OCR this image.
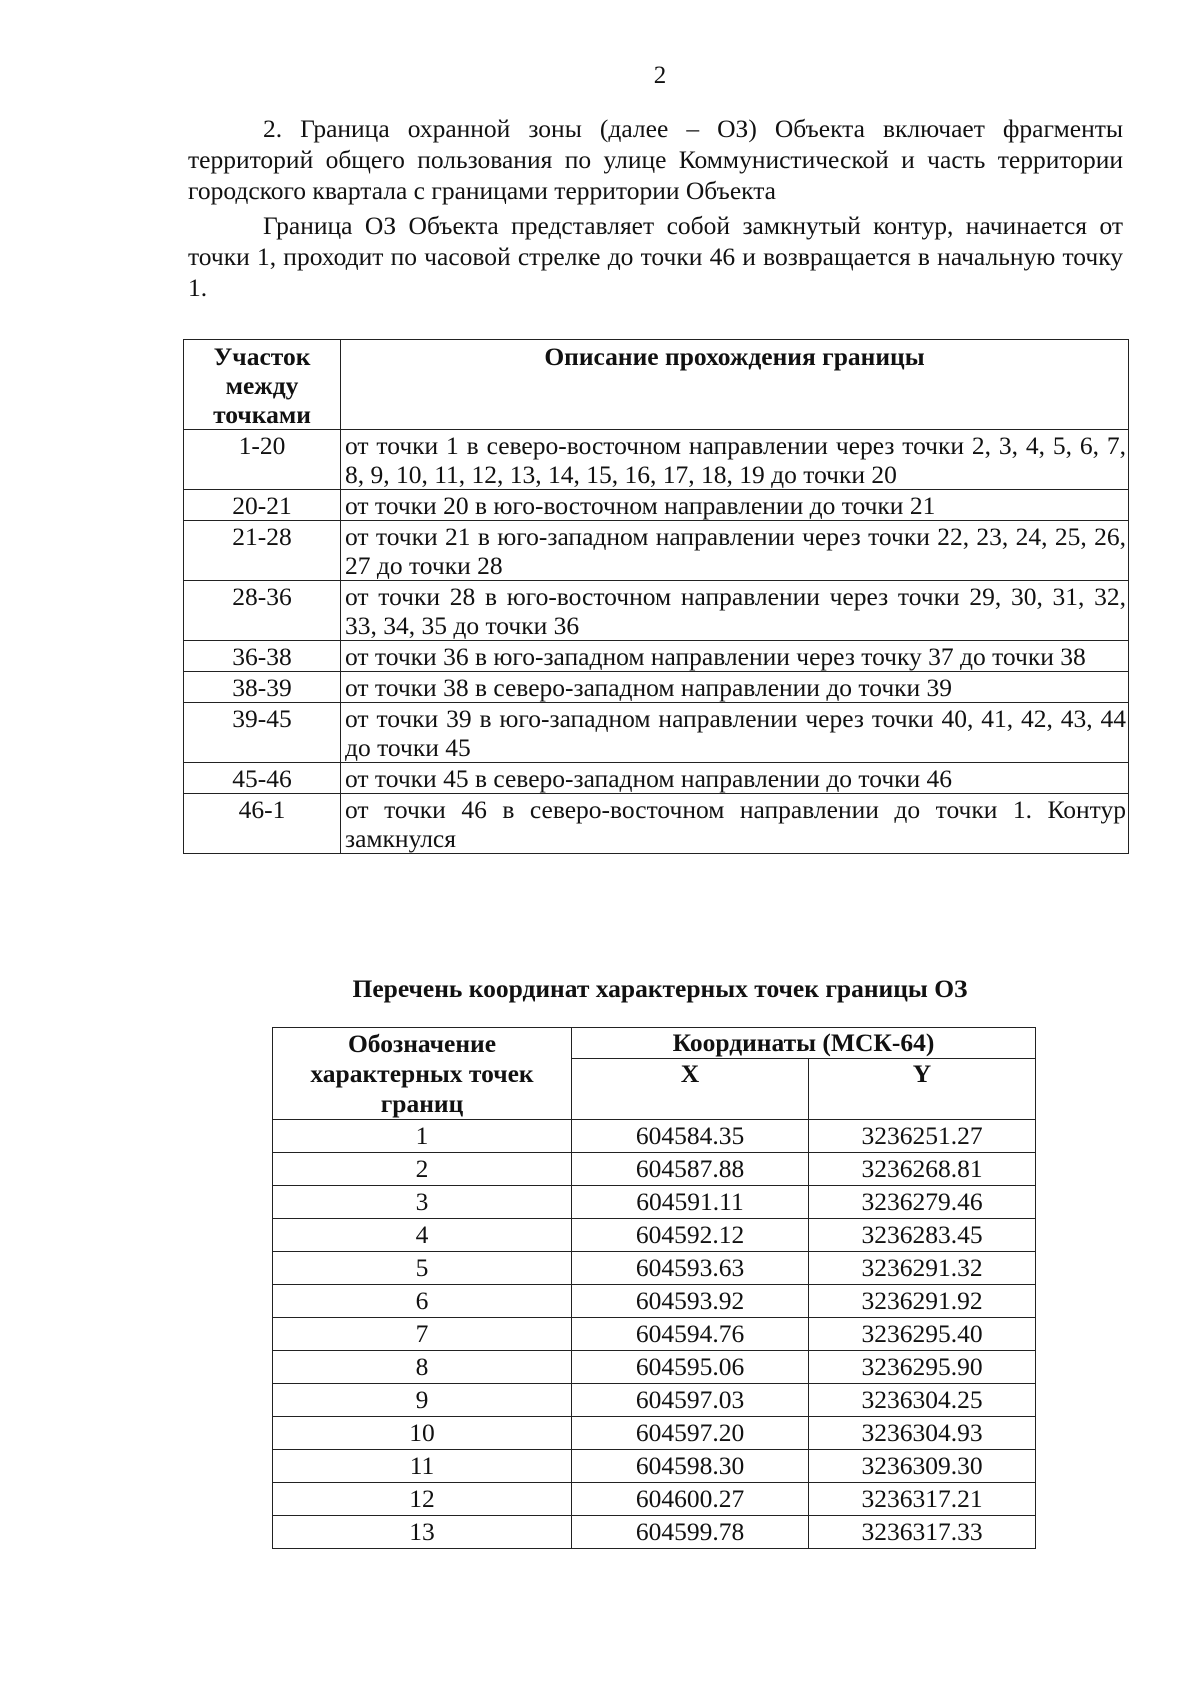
2

2. Граница охранной зоны (далее – ОЗ) Объекта включает фрагменты территорий общего пользования по улице Коммунистической и часть территории городского квартала с границами территории Объекта

Граница ОЗ Объекта представляет собой замкнутый контур, начинается от точки 1, проходит по часовой стрелке до точки 46 и возвращается в начальную точку 1.

Участок между точками	Описание прохождения границы
1-20	от точки 1 в северо-восточном направлении через точки 2, 3, 4, 5, 6, 7, 8, 9, 10, 11, 12, 13, 14, 15, 16, 17, 18, 19 до точки 20
20-21	от точки 20 в юго-восточном направлении до точки 21
21-28	от точки 21 в юго-западном направлении через точки 22, 23, 24, 25, 26, 27 до точки 28
28-36	от точки 28 в юго-восточном направлении через точки 29, 30, 31, 32, 33, 34, 35 до точки 36
36-38	от точки 36 в юго-западном направлении через точку 37 до точки 38
38-39	от точки 38 в северо-западном направлении до точки 39
39-45	от точки 39 в юго-западном направлении через точки 40, 41, 42, 43, 44 до точки 45
45-46	от точки 45 в северо-западном направлении до точки 46
46-1	от точки 46 в северо-восточном направлении до точки 1. Контур замкнулся
Перечень координат характерных точек границы ОЗ
Обозначение характерных точек границ	Координаты (МСК-64)	
	X	Y
1	604584.35	3236251.27
2	604587.88	3236268.81
3	604591.11	3236279.46
4	604592.12	3236283.45
5	604593.63	3236291.32
6	604593.92	3236291.92
7	604594.76	3236295.40
8	604595.06	3236295.90
9	604597.03	3236304.25
10	604597.20	3236304.93
11	604598.30	3236309.30
12	604600.27	3236317.21
13	604599.78	3236317.33
